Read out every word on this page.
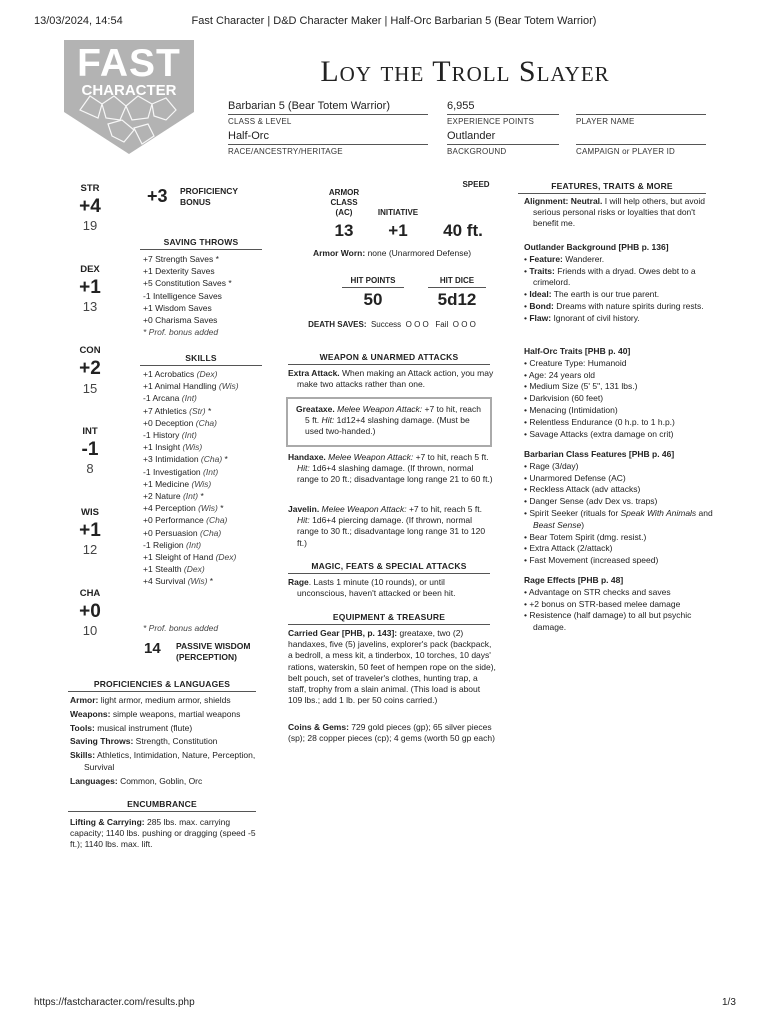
13/03/2024, 14:54	Fast Character | D&D Character Maker | Half-Orc Barbarian 5 (Bear Totem Warrior)
https://fastcharacter.com/results.php	1/3
FAST
CHARACTER
Loy the Troll Slayer
Barbarian 5 (Bear Totem Warrior)
CLASS & LEVEL
6,955
EXPERIENCE POINTS	PLAYER NAME
Half-Orc
RACE/ANCESTRY/HERITAGE
Outlander
BACKGROUND	CAMPAIGN or PLAYER ID
STR
+4
19
DEX
+1
13
CON
+2
15
INT
-1
8
WIS
+1
12
CHA
+0
10
+3 PROFICIENCY
BONUS
SAVING THROWS
+7 Strength Saves *
+1 Dexterity Saves
+5 Constitution Saves *
-1 Intelligence Saves
+1 Wisdom Saves
+0 Charisma Saves
* Prof. bonus added
SKILLS
+1 Acrobatics (Dex)
+1 Animal Handling (Wis)
-1 Arcana (Int)
+7 Athletics (Str) *
+0 Deception (Cha)
-1 History (Int)
+1 Insight (Wis)
+3 Intimidation (Cha) *
-1 Investigation (Int)
+1 Medicine (Wis)
+2 Nature (Int) *
+4 Perception (Wis) *
+0 Performance (Cha)
+0 Persuasion (Cha)
-1 Religion (Int)
+1 Sleight of Hand (Dex)
+1 Stealth (Dex)
+4 Survival (Wis) *
* Prof. bonus added
14 PASSIVE WISDOM
(PERCEPTION)
PROFICIENCIES & LANGUAGES
Armor: light armor, medium armor, shields
Weapons: simple weapons, martial weapons
Tools: musical instrument (flute)
Saving Throws: Strength, Constitution
Skills: Athletics, Intimidation, Nature, Perception, Survival
Languages: Common, Goblin, Orc
ENCUMBRANCE
Lifting & Carrying: 285 lbs. max. carrying capacity; 1140 lbs. pushing or dragging (speed -5 ft.); 1140 lbs. max. lift.
ARMOR
CLASS
(AC)	INITIATIVE
SPEED
13	+1	40 ft.
Armor Worn: none (Unarmored Defense)
HIT POINTS
50
HIT DICE
5d12
DEATH SAVES: Success O O O Fail O O O
WEAPON & UNARMED ATTACKS
Extra Attack. When making an Attack action, you may make two attacks rather than one.
Greataxe. Melee Weapon Attack: +7 to hit, reach 5 ft. Hit: 1d12+4 slashing damage. (Must be used two-handed.)
Handaxe. Melee Weapon Attack: +7 to hit, reach 5 ft. Hit: 1d6+4 slashing damage. (If thrown, normal range to 20 ft.; disadvantage long range 21 to 60 ft.)
Javelin. Melee Weapon Attack: +7 to hit, reach 5 ft. Hit: 1d6+4 piercing damage. (If thrown, normal range to 30 ft.; disadvantage long range 31 to 120 ft.)
MAGIC, FEATS & SPECIAL ATTACKS
Rage. Lasts 1 minute (10 rounds), or until unconscious, haven't attacked or been hit.
EQUIPMENT & TREASURE
Carried Gear [PHB, p. 143]: greataxe, two (2) handaxes, five (5) javelins, explorer's pack (backpack, a bedroll, a mess kit, a tinderbox, 10 torches, 10 days' rations, waterskin, 50 feet of hempen rope on the side), belt pouch, set of traveler's clothes, hunting trap, a staff, trophy from a slain animal. (This load is about 109 lbs.; add 1 lb. per 50 coins carried.)
Coins & Gems: 729 gold pieces (gp); 65 silver pieces (sp); 28 copper pieces (cp); 4 gems (worth 50 gp each)
FEATURES, TRAITS & MORE
Alignment: Neutral. I will help others, but avoid serious personal risks or loyalties that don't benefit me.
Outlander Background [PHB p. 136]
• Feature: Wanderer.
• Traits: Friends with a dryad. Owes debt to a crimelord.
• Ideal: The earth is our true parent.
• Bond: Dreams with nature spirits during rests.
• Flaw: Ignorant of civil history.
Half-Orc Traits [PHB p. 40]
• Creature Type: Humanoid
• Age: 24 years old
• Medium Size (5' 5", 131 lbs.)
• Darkvision (60 feet)
• Menacing (Intimidation)
• Relentless Endurance (0 h.p. to 1 h.p.)
• Savage Attacks (extra damage on crit)
Barbarian Class Features [PHB p. 46]
• Rage (3/day)
• Unarmored Defense (AC)
• Reckless Attack (adv attacks)
• Danger Sense (adv Dex vs. traps)
• Spirit Seeker (rituals for Speak With Animals and Beast Sense)
• Bear Totem Spirit (dmg. resist.)
• Extra Attack (2/attack)
• Fast Movement (increased speed)
Rage Effects [PHB p. 48]
• Advantage on STR checks and saves
• +2 bonus on STR-based melee damage
• Resistence (half damage) to all but psychic damage.
